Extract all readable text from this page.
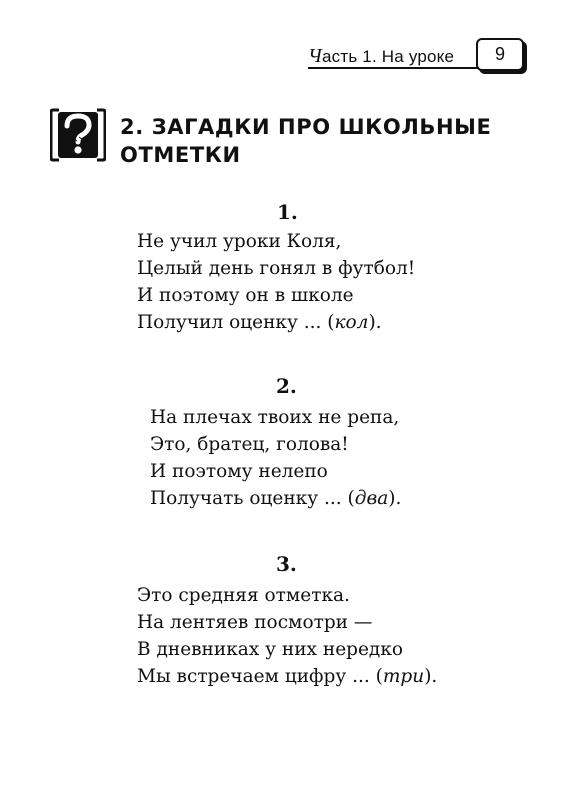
Часть 1. На уроке 9
2. ЗАГАДКИ ПРО ШКОЛЬНЫЕ
ОТМЕТКИ
1.
Не учил уроки Коля,
Целый день гонял в футбол!
И поэтому он в школе
Получил оценку ... (кол).
2.
На плечах твоих не репа,
Это, братец, голова!
И поэтому нелепо
Получать оценку ... (два).
3.
Это средняя отметка.
На лентяев посмотри —
В дневниках у них нередко
Мы встречаем цифру ... (три).
